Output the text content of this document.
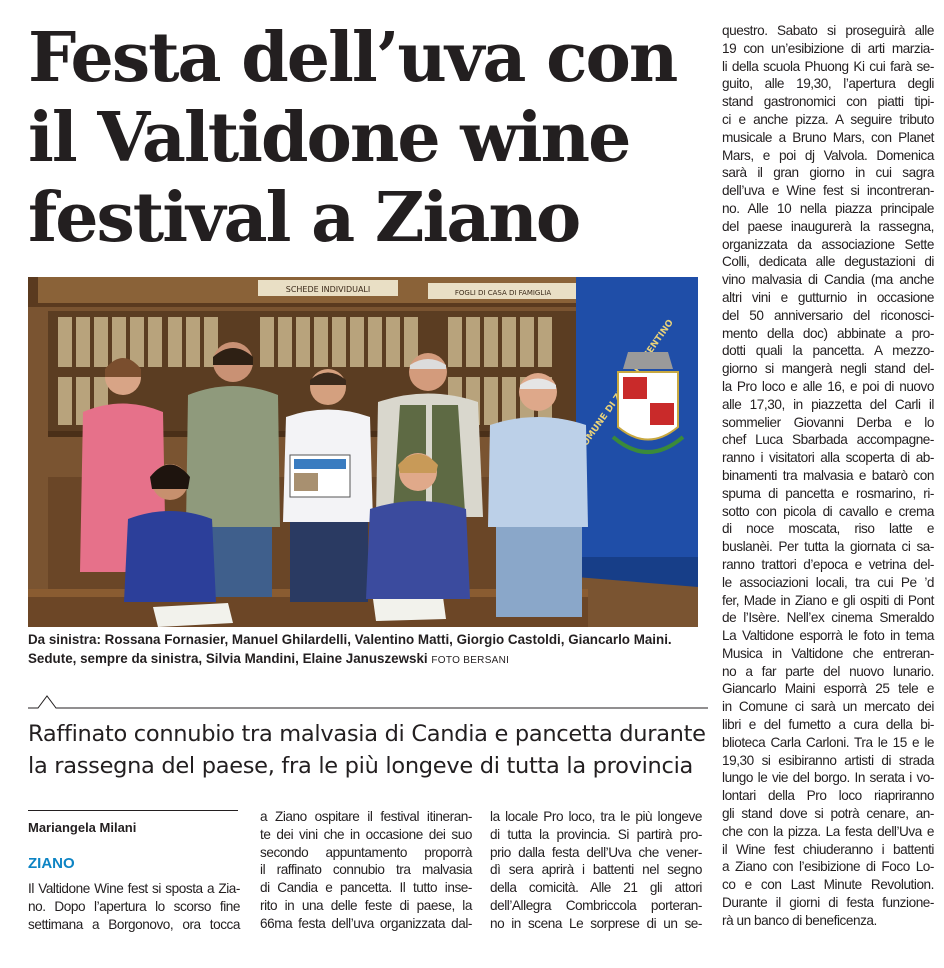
Festa dell’uva con
il Valtidone wine
festival a Ziano
SCHEDE INDIVIDUALI	FOGLI DI CASA DI FAMIGLIA
COMUNE DI PIACENTINO
Da sinistra: Rossana Fornasier, Manuel Ghilardelli, Valentino Matti, Giorgio Castoldi, Giancarlo Maini. Sedute, sempre da sinistra, Silvia Mandini, Elaine Januszewski FOTO BERSANI
Raffinato connubio tra malvasia di Candia e pancetta durante
la rassegna del paese, fra le più longeve di tutta la provincia
Mariangela Milani
ZIANO
Il Valtidone Wine fest si sposta a Zia-
no. Dopo l’apertura lo scorso fine
settimana a Borgonovo, ora tocca
a Ziano ospitare il festival itineran-
te dei vini che in occasione dei suo
secondo appuntamento proporrà
il raffinato connubio tra malvasia
di Candia e pancetta. Il tutto inse-
rito in una delle feste di paese, la
66ma festa dell’uva organizzata dal-
la locale Pro loco, tra le più longeve
di tutta la provincia. Si partirà pro-
prio dalla festa dell’Uva che vener-
dì sera aprirà i battenti nel segno
della comicità. Alle 21 gli attori
dell’Allegra Combriccola porteran-
no in scena Le sorprese di un se-
questro. Sabato si proseguirà alle
19 con un’esibizione di arti marzia-
li della scuola Phuong Ki cui farà se-
guito, alle 19,30, l’apertura degli
stand gastronomici con piatti tipi-
ci e anche pizza. A seguire tributo
musicale a Bruno Mars, con Planet
Mars, e poi dj Valvola. Domenica
sarà il gran giorno in cui sagra
dell’uva e Wine fest si incontreran-
no. Alle 10 nella piazza principale
del paese inaugurerà la rassegna,
organizzata da associazione Sette
Colli, dedicata alle degustazioni di
vino malvasia di Candia (ma anche
altri vini e gutturnio in occasione
del 50 anniversario del riconosci-
mento della doc) abbinate a pro-
dotti quali la pancetta. A mezzo-
giorno si mangerà negli stand del-
la Pro loco e alle 16, e poi di nuovo
alle 17,30, in piazzetta del Carli il
sommelier Giovanni Derba e lo
chef Luca Sbarbada accompagne-
ranno i visitatori alla scoperta di ab-
binamenti tra malvasia e batarò con
spuma di pancetta e rosmarino, ri-
sotto con picola di cavallo e crema
di noce moscata, riso latte e
buslanèi. Per tutta la giornata ci sa-
ranno trattori d’epoca e vetrina del-
le associazioni locali, tra cui Pe ’d
fer, Made in Ziano e gli ospiti di Pont
de l’Isère. Nell’ex cinema Smeraldo
La Valtidone esporrà le foto in tema
Musica in Valtidone che entreran-
no a far parte del nuovo lunario.
Giancarlo Maini esporrà 25 tele e
in Comune ci sarà un mercato dei
libri e del fumetto a cura della bi-
blioteca Carla Carloni. Tra le 15 e le
19,30 si esibiranno artisti di strada
lungo le vie del borgo. In serata i vo-
lontari della Pro loco riapriranno
gli stand dove si potrà cenare, an-
che con la pizza. La festa dell’Uva e
il Wine fest chiuderanno i battenti
a Ziano con l’esibizione di Foco Lo-
co e con Last Minute Revolution.
Durante il giorni di festa funzione-
rà un banco di beneficenza.
